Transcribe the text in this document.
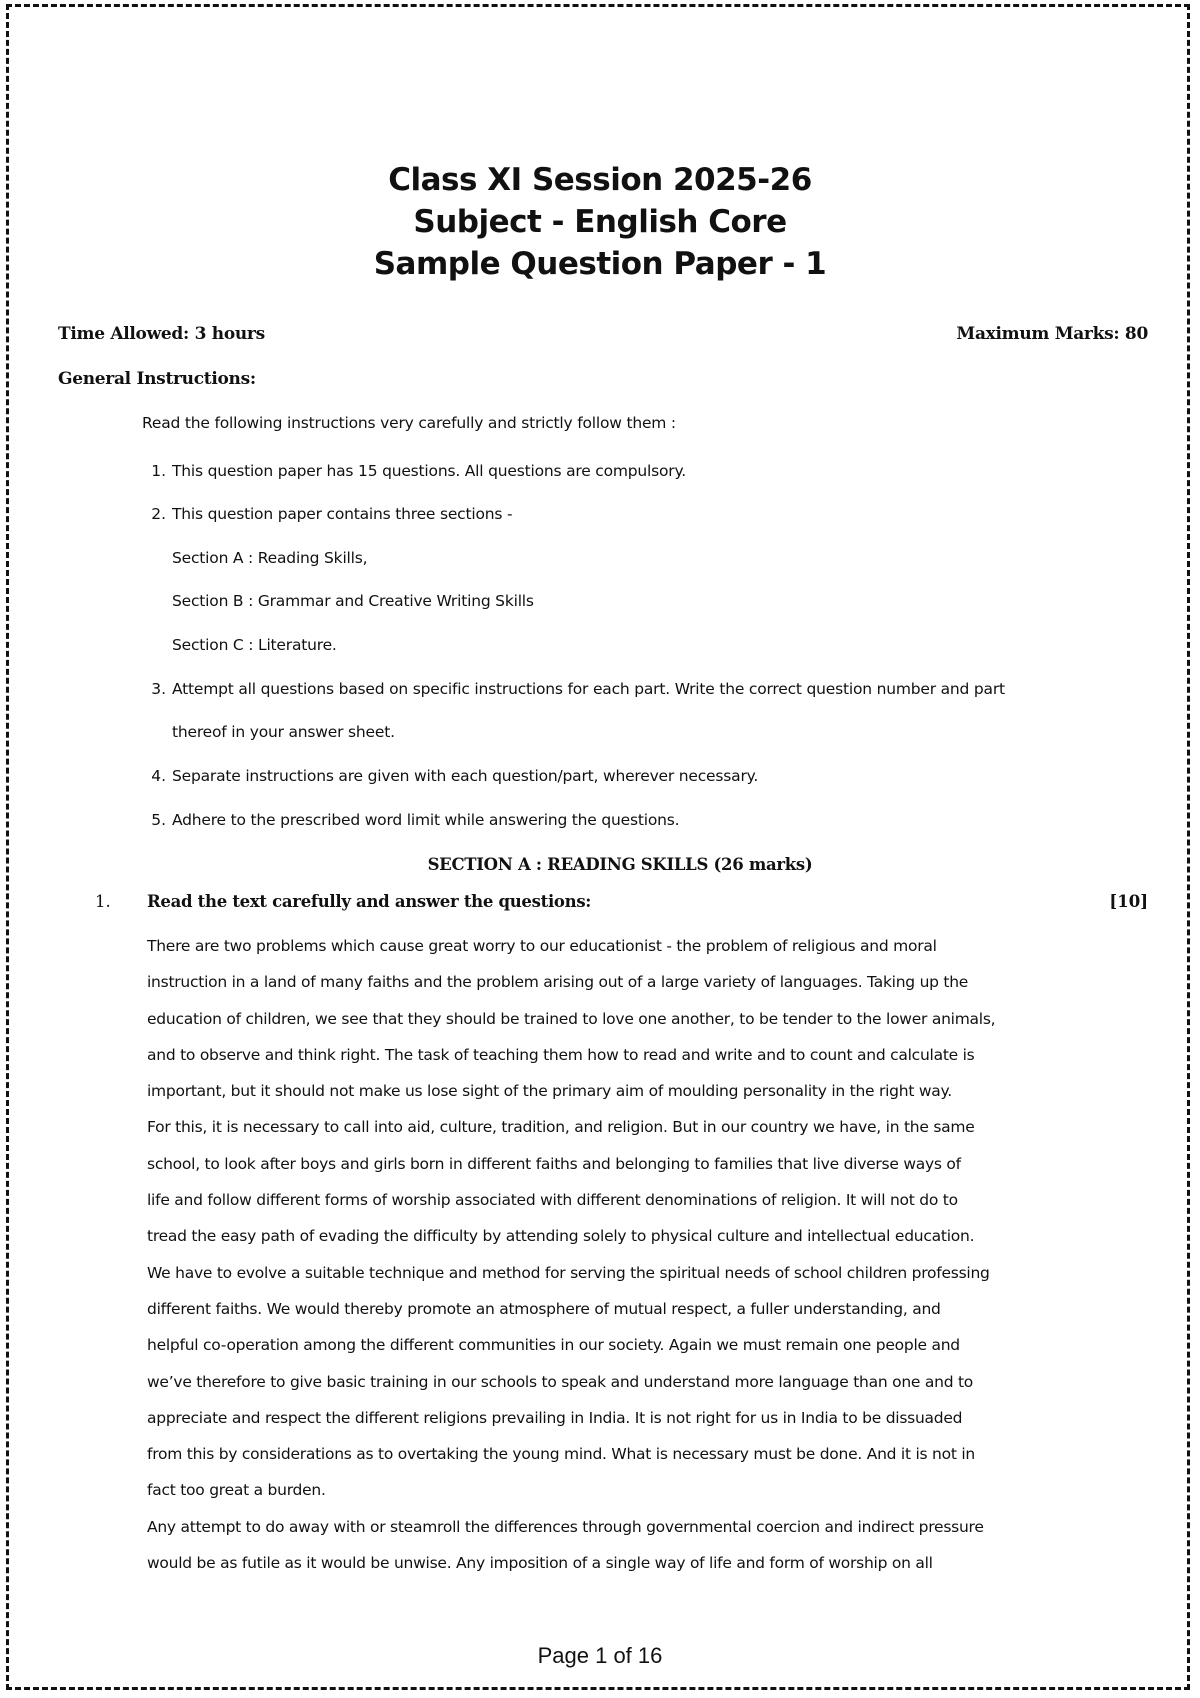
Class XI Session 2025-26
Subject - English Core
Sample Question Paper - 1
Time Allowed: 3 hours	Maximum Marks: 80
General Instructions:
Read the following instructions very carefully and strictly follow them :
1. This question paper has 15 questions. All questions are compulsory.
2. This question paper contains three sections -
Section A : Reading Skills,
Section B : Grammar and Creative Writing Skills
Section C : Literature.
3. Attempt all questions based on specific instructions for each part. Write the correct question number and part
thereof in your answer sheet.
4. Separate instructions are given with each question/part, wherever necessary.
5. Adhere to the prescribed word limit while answering the questions.
SECTION A : READING SKILLS (26 marks)
1. Read the text carefully and answer the questions:	[10]
There are two problems which cause great worry to our educationist - the problem of religious and moral
instruction in a land of many faiths and the problem arising out of a large variety of languages. Taking up the
education of children, we see that they should be trained to love one another, to be tender to the lower animals,
and to observe and think right. The task of teaching them how to read and write and to count and calculate is
important, but it should not make us lose sight of the primary aim of moulding personality in the right way.
For this, it is necessary to call into aid, culture, tradition, and religion. But in our country we have, in the same
school, to look after boys and girls born in different faiths and belonging to families that live diverse ways of
life and follow different forms of worship associated with different denominations of religion. It will not do to
tread the easy path of evading the difficulty by attending solely to physical culture and intellectual education.
We have to evolve a suitable technique and method for serving the spiritual needs of school children professing
different faiths. We would thereby promote an atmosphere of mutual respect, a fuller understanding, and
helpful co-operation among the different communities in our society. Again we must remain one people and
we’ve therefore to give basic training in our schools to speak and understand more language than one and to
appreciate and respect the different religions prevailing in India. It is not right for us in India to be dissuaded
from this by considerations as to overtaking the young mind. What is necessary must be done. And it is not in
fact too great a burden.
Any attempt to do away with or steamroll the differences through governmental coercion and indirect pressure
would be as futile as it would be unwise. Any imposition of a single way of life and form of worship on all
Page 1 of 16
